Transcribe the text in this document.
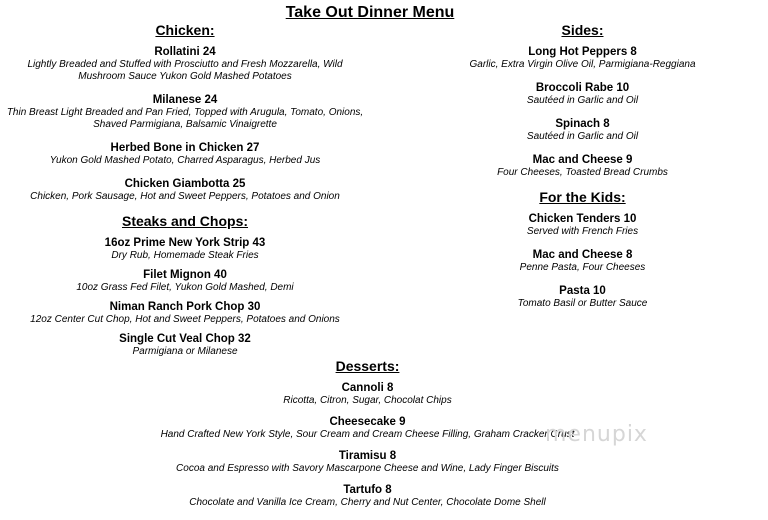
Take Out Dinner Menu
Chicken:
Rollatini 24
Lightly Breaded and Stuffed with Prosciutto and Fresh Mozzarella, Wild Mushroom Sauce Yukon Gold Mashed Potatoes
Milanese 24
Thin Breast Light Breaded and Pan Fried, Topped with Arugula, Tomato, Onions, Shaved Parmigiana, Balsamic Vinaigrette
Herbed Bone in Chicken 27
Yukon Gold Mashed Potato, Charred Asparagus, Herbed Jus
Chicken Giambotta 25
Chicken, Pork Sausage, Hot and Sweet Peppers, Potatoes and Onion
Steaks and Chops:
16oz Prime New York Strip 43
Dry Rub, Homemade Steak Fries
Filet Mignon 40
10oz Grass Fed Filet, Yukon Gold Mashed, Demi
Niman Ranch Pork Chop 30
12oz Center Cut Chop, Hot and Sweet Peppers, Potatoes and Onions
Single Cut Veal Chop 32
Parmigiana or Milanese
Sides:
Long Hot Peppers 8
Garlic, Extra Virgin Olive Oil, Parmigiana-Reggiana
Broccoli Rabe 10
Sautéed in Garlic and Oil
Spinach 8
Sautéed in Garlic and Oil
Mac and Cheese 9
Four Cheeses, Toasted Bread Crumbs
For the Kids:
Chicken Tenders 10
Served with French Fries
Mac and Cheese 8
Penne Pasta, Four Cheeses
Pasta 10
Tomato Basil or Butter Sauce
Desserts:
Cannoli 8
Ricotta, Citron, Sugar, Chocolat Chips
Cheesecake 9
Hand Crafted New York Style, Sour Cream and Cream Cheese Filling, Graham Cracker Crust
Tiramisu 8
Cocoa and Espresso with Savory Mascarpone Cheese and Wine, Lady Finger Biscuits
Tartufo 8
Chocolate and Vanilla Ice Cream, Cherry and Nut Center, Chocolate Dome Shell
menupix
